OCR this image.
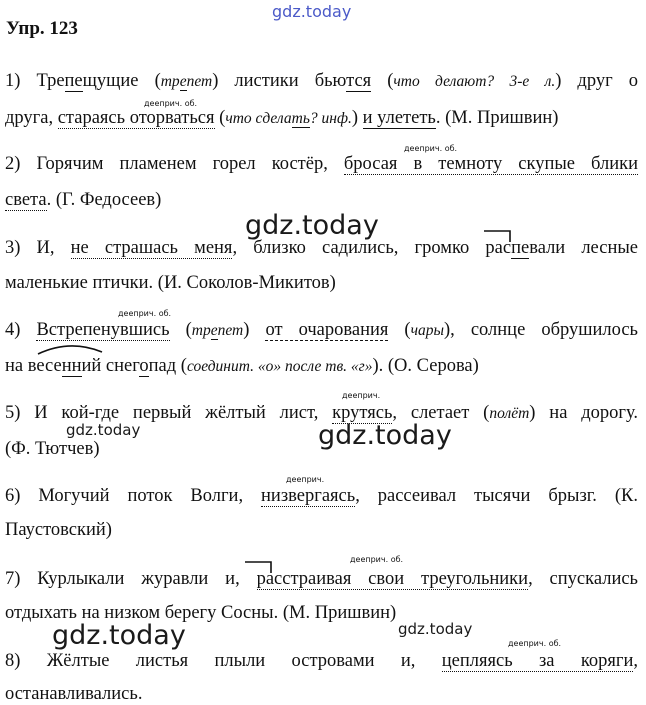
gdz.today
Упр. 123
1) Трепещущие (трепет) листики бьются (что делают? 3-е л.) друг о
дееприч. об.
друга, стараясь оторваться (что сделать? инф.) и улететь. (М. Пришвин)
дееприч. об.
2) Горячим пламенем горел костёр, бросая в темноту скупые блики
света. (Г. Федосеев)
3) И, не страшась меня, близко садились, громко распевали лесные
маленькие птички. (И. Соколов-Микитов)
дееприч. об.
4) Встрепенувшись (трепет) от очарования (чары), солнце обрушилось
на весенний снегопад (соединит. «о» после тв. «г»). (О. Серова)
дееприч.
5) И кой-где первый жёлтый лист, крутясь, слетает (полёт) на дорогу.
(Ф. Тютчев)
дееприч.
6) Могучий поток Волги, низвергаясь, рассеивал тысячи брызг. (К.
Паустовский)
дееприч. об.
7) Курлыкали журавли и, расстраивая свои треугольники, спускались
отдыхать на низком берегу Сосны. (М. Пришвин)
дееприч. об.
8) Жёлтые листья плыли островами и, цепляясь за коряги,
останавливались.
gdz.today
gdz.today	gdz.today
gdz.today	gdz.today
